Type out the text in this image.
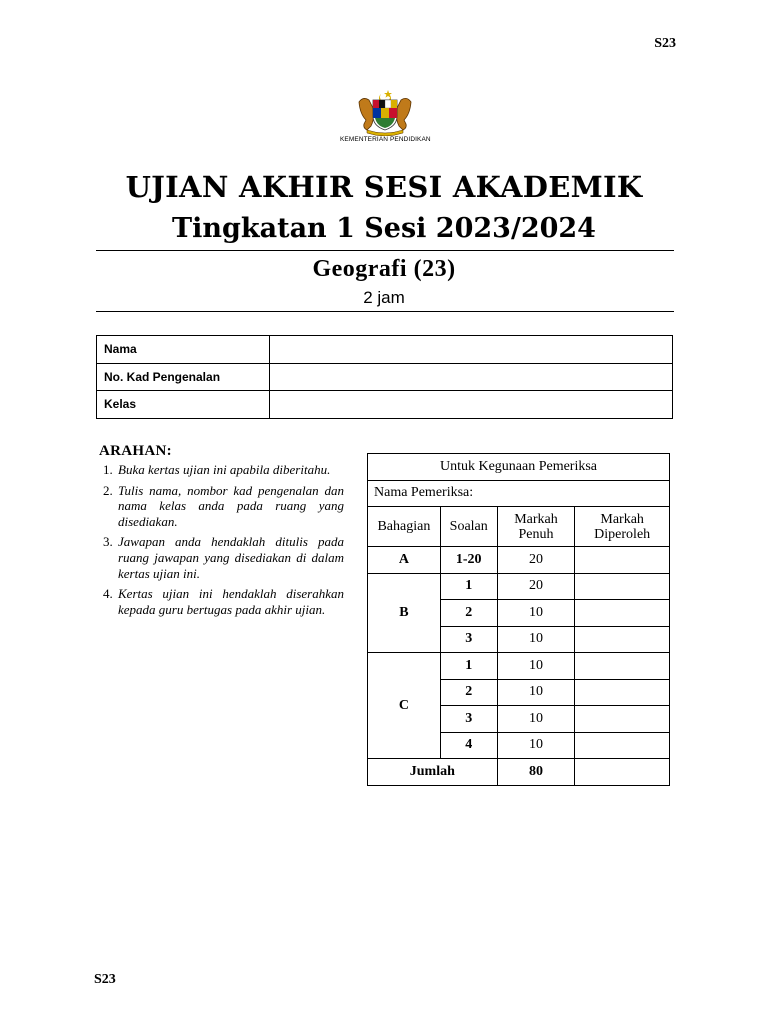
S23
KEMENTERIAN PENDIDIKAN
UJIAN AKHIR SESI AKADEMIK
Tingkatan 1 Sesi 2023/2024
Geografi (23)
2 jam
Nama	
No. Kad Pengenalan	
Kelas	
ARAHAN:
1. Buka kertas ujian ini apabila diberitahu.
2. Tulis nama, nombor kad pengenalan dan nama kelas anda pada ruang yang disediakan.
3. Jawapan anda hendaklah ditulis pada ruang jawapan yang disediakan di dalam kertas ujian ini.
4. Kertas ujian ini hendaklah diserahkan kepada guru bertugas pada akhir ujian.
Untuk Kegunaan Pemeriksa			
Nama Pemeriksa:			
Bahagian	Soalan	Markah Penuh	Markah Diperoleh
A	1-20	20	
B	1	20	
	2	10	
	3	10	
C	1	10	
	2	10	
	3	10	
	4	10	
Jumlah		80	
S23
